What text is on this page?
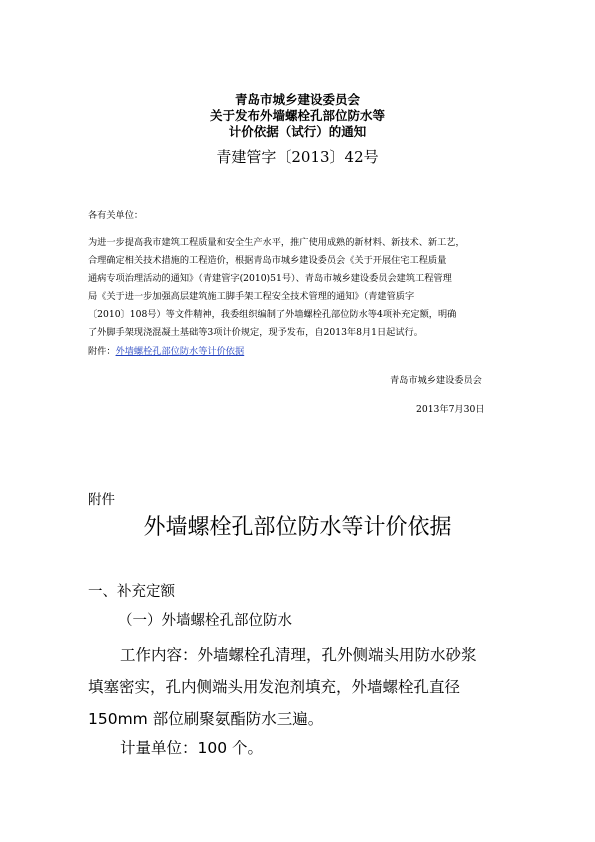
青岛市城乡建设委员会
关于发布外墙螺栓孔部位防水等
计价依据（试行）的通知
青建管字〔2013〕42号
各有关单位：
为进一步提高我市建筑工程质量和安全生产水平，推广使用成熟的新材料、新技术、新工艺，
合理确定相关技术措施的工程造价，根据青岛市城乡建设委员会《关于开展住宅工程质量
通病专项治理活动的通知》（青建管字(2010)51号）、青岛市城乡建设委员会建筑工程管理
局《关于进一步加强高层建筑施工脚手架工程安全技术管理的通知》（青建管质字
〔2010〕108号）等文件精神，我委组织编制了外墙螺栓孔部位防水等4项补充定额，明确
了外脚手架现浇混凝土基础等3项计价规定，现予发布，自2013年8月1日起试行。
附件：外墙螺栓孔部位防水等计价依据
青岛市城乡建设委员会
2013年7月30日
附件
外墙螺栓孔部位防水等计价依据
一、补充定额
（一）外墙螺栓孔部位防水
工作内容：外墙螺栓孔清理，孔外侧端头用防水砂浆
填塞密实，孔内侧端头用发泡剂填充，外墙螺栓孔直径
150mm 部位刷聚氨酯防水三遍。
计量单位：100 个。
